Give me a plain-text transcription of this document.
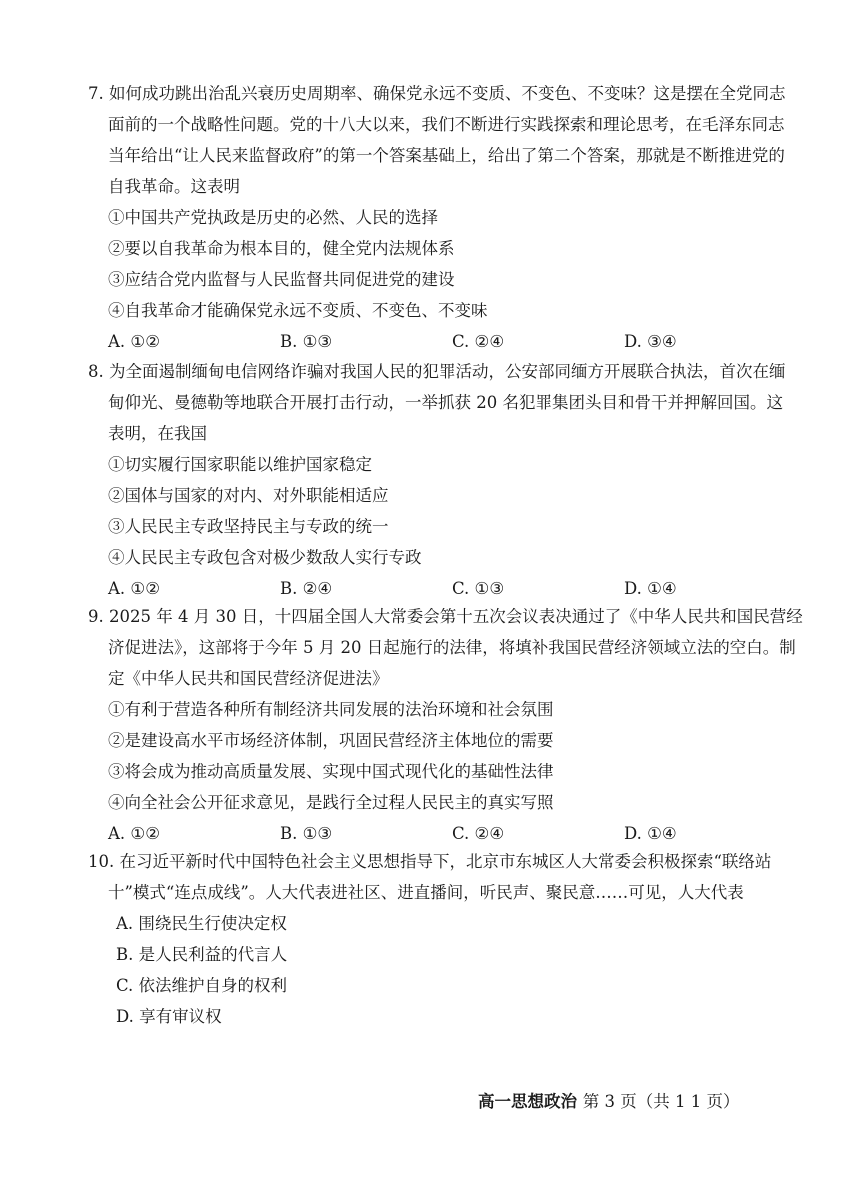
7. 如何成功跳出治乱兴衰历史周期率、确保党永远不变质、不变色、不变味？这是摆在全党同志
面前的一个战略性问题。党的十八大以来，我们不断进行实践探索和理论思考，在毛泽东同志
当年给出“让人民来监督政府”的第一个答案基础上，给出了第二个答案，那就是不断推进党的
自我革命。这表明
①中国共产党执政是历史的必然、人民的选择
②要以自我革命为根本目的，健全党内法规体系
③应结合党内监督与人民监督共同促进党的建设
④自我革命才能确保党永远不变质、不变色、不变味
A. ①②	B. ①③	C. ②④	D. ③④
8. 为全面遏制缅甸电信网络诈骗对我国人民的犯罪活动，公安部同缅方开展联合执法，首次在缅
甸仰光、曼德勒等地联合开展打击行动，一举抓获 20 名犯罪集团头目和骨干并押解回国。这
表明，在我国
①切实履行国家职能以维护国家稳定
②国体与国家的对内、对外职能相适应
③人民民主专政坚持民主与专政的统一
④人民民主专政包含对极少数敌人实行专政
A. ①②	B. ②④	C. ①③	D. ①④
9. 2025 年 4 月 30 日，十四届全国人大常委会第十五次会议表决通过了《中华人民共和国民营经
济促进法》，这部将于今年 5 月 20 日起施行的法律，将填补我国民营经济领域立法的空白。制
定《中华人民共和国民营经济促进法》
①有利于营造各种所有制经济共同发展的法治环境和社会氛围
②是建设高水平市场经济体制，巩固民营经济主体地位的需要
③将会成为推动高质量发展、实现中国式现代化的基础性法律
④向全社会公开征求意见，是践行全过程人民民主的真实写照
A. ①②	B. ①③	C. ②④	D. ①④
10. 在习近平新时代中国特色社会主义思想指导下，北京市东城区人大常委会积极探索“联络站
十”模式“连点成线”。人大代表进社区、进直播间，听民声、聚民意……可见，人大代表
A. 围绕民生行使决定权
B. 是人民利益的代言人
C. 依法维护自身的权利
D. 享有审议权
高一思想政治 第 3 页（共 1 1 页）
